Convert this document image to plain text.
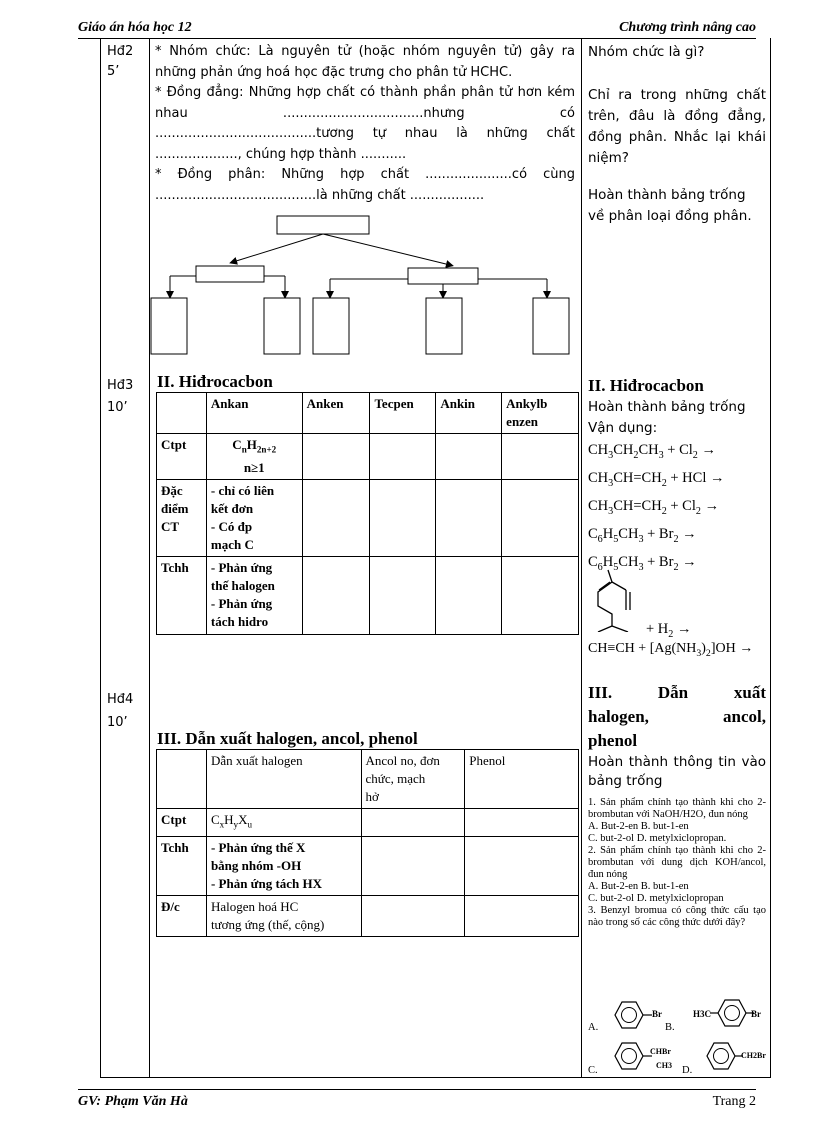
Giáo án hóa học 12	Chương trình nâng cao
Hđ2
5’
Hđ3
10’
Hđ4
10’

* Nhóm chức: Là nguyên tử (hoặc nhóm nguyên tử) gây ra những phản ứng hoá học đặc trưng cho phân tử HCHC.

* Đồng đẳng: Những hợp chất có thành phần phân tử hơn kém nhau ..................................nhưng có .......................................tương tự nhau là những chất ...................., chúng hợp thành ...........

* Đồng phân: Những hợp chất .....................có cùng .......................................là những chất ..................

II. Hiđrocacbon
	Ankan	Anken	Tecpen	Ankin	Ankylb
enzen
Ctpt	$C_nH_{2n+2}$
n≥1				
Đặc
điểm
CT	- chỉ có liên
kết đơn
- Có đp
mạch C				
Tchh	- Phản ứng
thế halogen
- Phản ứng
tách hidro				
III. Dẫn xuất halogen, ancol, phenol
	Dẫn xuất halogen	Ancol no, đơn
chức, mạch
hở	Phenol
Ctpt	$C_xH_yX_u$		
Tchh	- Phản ứng thế X
bằng nhóm -OH
- Phản ứng tách HX		
Đ/c	Halogen hoá HC
tương ứng (thế, cộng)		

Nhóm chức là gì?

Chỉ ra trong những chất trên, đâu là đồng đẳng, đồng phân. Nhắc lại khái niệm?

Hoàn thành bảng trống về phân loại đồng phân.

II. Hiđrocacbon
Hoàn thành bảng trống
Vận dụng:
$CH_3CH_2CH_3 + Cl_2$ →
$CH_3CH=CH_2$ + HCl →
$CH_3CH=CH_2 + Cl_2$ →
$C_6H_5CH_3 + Br_2$ →
$C_6H_5CH_3 + Br_2$ →
+ $H_2$ →
$CH\equiv CH + [Ag(NH_3)_2]OH$ →
III. Dẫn xuất
halogen, ancol,
phenol
Hoàn thành thông tin vào bảng trống
1. Sản phẩm chính tạo thành khi cho 2-brombutan với NaOH/H2O, đun nóng
A. But-2-en B. but-1-en
C. but-2-ol D. metylxiclopropan.
2. Sản phẩm chính tạo thành khi cho 2-brombutan với dung dịch KOH/ancol, đun nóng
A. But-2-en B. but-1-en
C. but-2-ol D. metylxiclopropan
3. Benzyl bromua có công thức cấu tạo nào trong số các công thức dưới đây?
A.
Br
B.
H3C	Br
C.
CHBr
CH3 D.
CH2Br
GV: Phạm Văn Hà	Trang 2
